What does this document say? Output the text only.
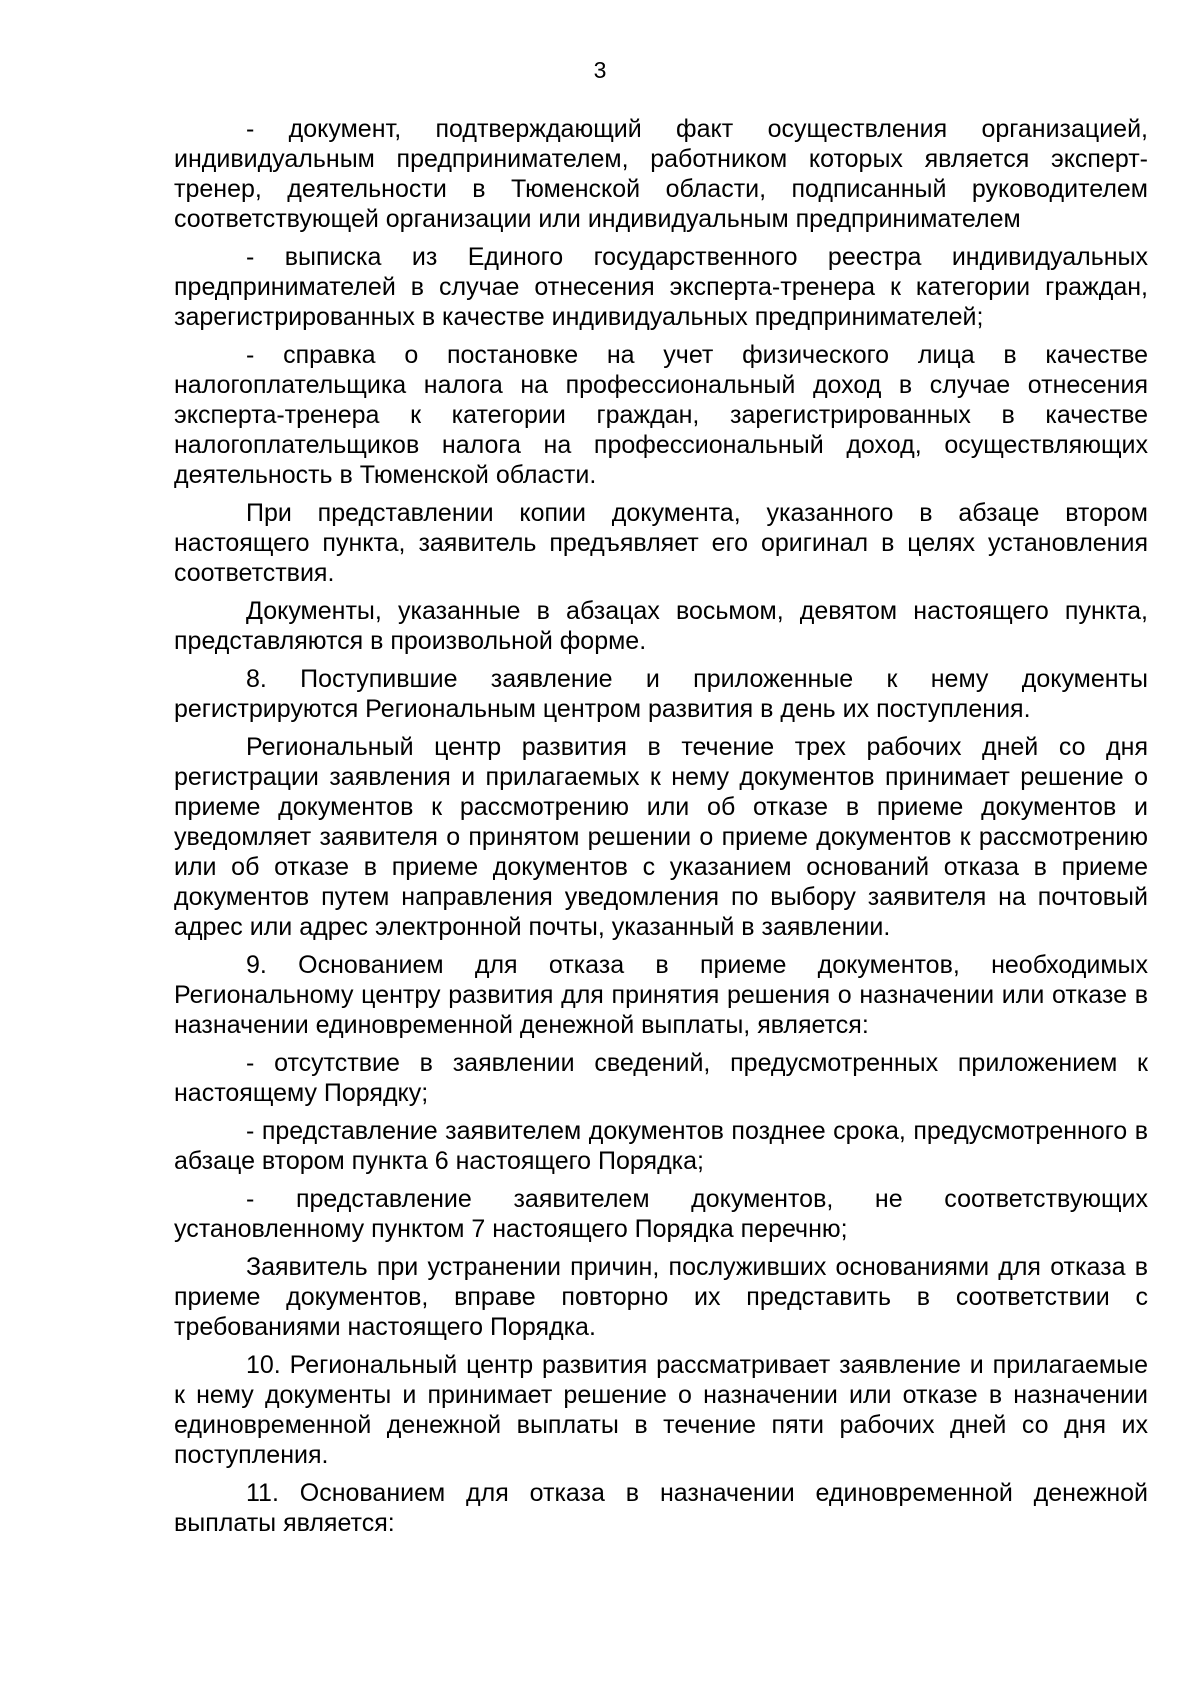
3

- документ, подтверждающий факт осуществления организацией, индивидуальным предпринимателем, работником которых является эксперт-тренер, деятельности в Тюменской области, подписанный руководителем соответствующей организации или индивидуальным предпринимателем

- выписка из Единого государственного реестра индивидуальных предпринимателей в случае отнесения эксперта-тренера к категории граждан, зарегистрированных в качестве индивидуальных предпринимателей;

- справка о постановке на учет физического лица в качестве налогоплательщика налога на профессиональный доход в случае отнесения эксперта-тренера к категории граждан, зарегистрированных в качестве налогоплательщиков налога на профессиональный доход, осуществляющих деятельность в Тюменской области.

При представлении копии документа, указанного в абзаце втором настоящего пункта, заявитель предъявляет его оригинал в целях установления соответствия.

Документы, указанные в абзацах восьмом, девятом настоящего пункта, представляются в произвольной форме.

8. Поступившие заявление и приложенные к нему документы регистрируются Региональным центром развития в день их поступления.

Региональный центр развития в течение трех рабочих дней со дня регистрации заявления и прилагаемых к нему документов принимает решение о приеме документов к рассмотрению или об отказе в приеме документов и уведомляет заявителя о принятом решении о приеме документов к рассмотрению или об отказе в приеме документов с указанием оснований отказа в приеме документов путем направления уведомления по выбору заявителя на почтовый адрес или адрес электронной почты, указанный в заявлении.

9. Основанием для отказа в приеме документов, необходимых Региональному центру развития для принятия решения о назначении или отказе в назначении единовременной денежной выплаты, является:

- отсутствие в заявлении сведений, предусмотренных приложением к настоящему Порядку;

- представление заявителем документов позднее срока, предусмотренного в абзаце втором пункта 6 настоящего Порядка;

- представление заявителем документов, не соответствующих установленному пунктом 7 настоящего Порядка перечню;

Заявитель при устранении причин, послуживших основаниями для отказа в приеме документов, вправе повторно их представить в соответствии с требованиями настоящего Порядка.

10. Региональный центр развития рассматривает заявление и прилагаемые к нему документы и принимает решение о назначении или отказе в назначении единовременной денежной выплаты в течение пяти рабочих дней со дня их поступления.

11. Основанием для отказа в назначении единовременной денежной выплаты является:
